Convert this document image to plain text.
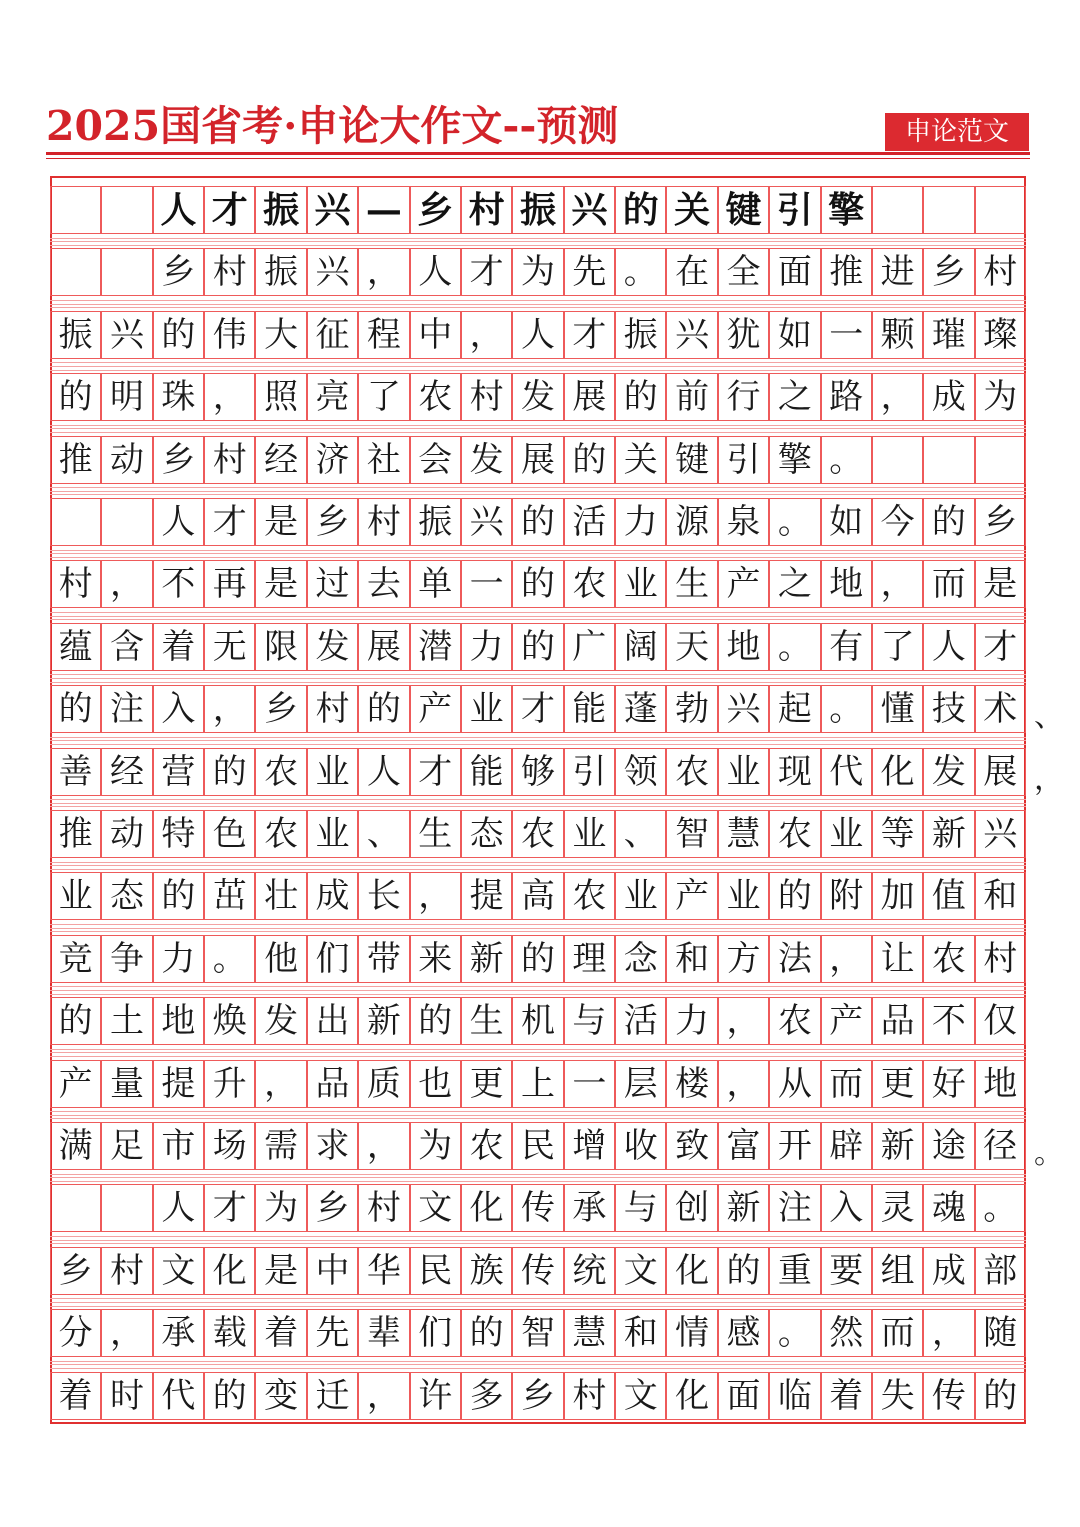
2025国省考·申论大作文--预测	申论范文
人 才 振 兴 — 乡 村 振 兴 的 关 键 引 擎
乡 村 振 兴 ， 人 才 为 先 。 在 全 面 推 进 乡 村
振 兴 的 伟 大 征 程 中 ， 人 才 振 兴 犹 如 一 颗 璀 璨
的 明 珠 ， 照 亮 了 农 村 发 展 的 前 行 之 路 ， 成 为
推 动 乡 村 经 济 社 会 发 展 的 关 键 引 擎 。
人 才 是 乡 村 振 兴 的 活 力 源 泉 。 如 今 的 乡
村 ， 不 再 是 过 去 单 一 的 农 业 生 产 之 地 ， 而 是
蕴 含 着 无 限 发 展 潜 力 的 广 阔 天 地 。 有 了 人 才
的 注 入 ， 乡 村 的 产 业 才 能 蓬 勃 兴 起 。 懂 技 术
善 经 营 的 农 业 人 才 能 够 引 领 农 业 现 代 化 发 展
推 动 特 色 农 业 、 生 态 农 业 、 智 慧 农 业 等 新 兴
业 态 的 茁 壮 成 长 ， 提 高 农 业 产 业 的 附 加 值 和
竞 争 力 。 他 们 带 来 新 的 理 念 和 方 法 ， 让 农 村
的 土 地 焕 发 出 新 的 生 机 与 活 力 ， 农 产 品 不 仅
产 量 提 升 ， 品 质 也 更 上 一 层 楼 ， 从 而 更 好 地
满 足 市 场 需 求 ， 为 农 民 增 收 致 富 开 辟 新 途 径
人 才 为 乡 村 文 化 传 承 与 创 新 注 入 灵 魂 。
乡 村 文 化 是 中 华 民 族 传 统 文 化 的 重 要 组 成 部
分 ， 承 载 着 先 辈 们 的 智 慧 和 情 感 。 然 而 ， 随
着 时 代 的 变 迁 ， 许 多 乡 村 文 化 面 临 着 失 传 的
、
，
。
